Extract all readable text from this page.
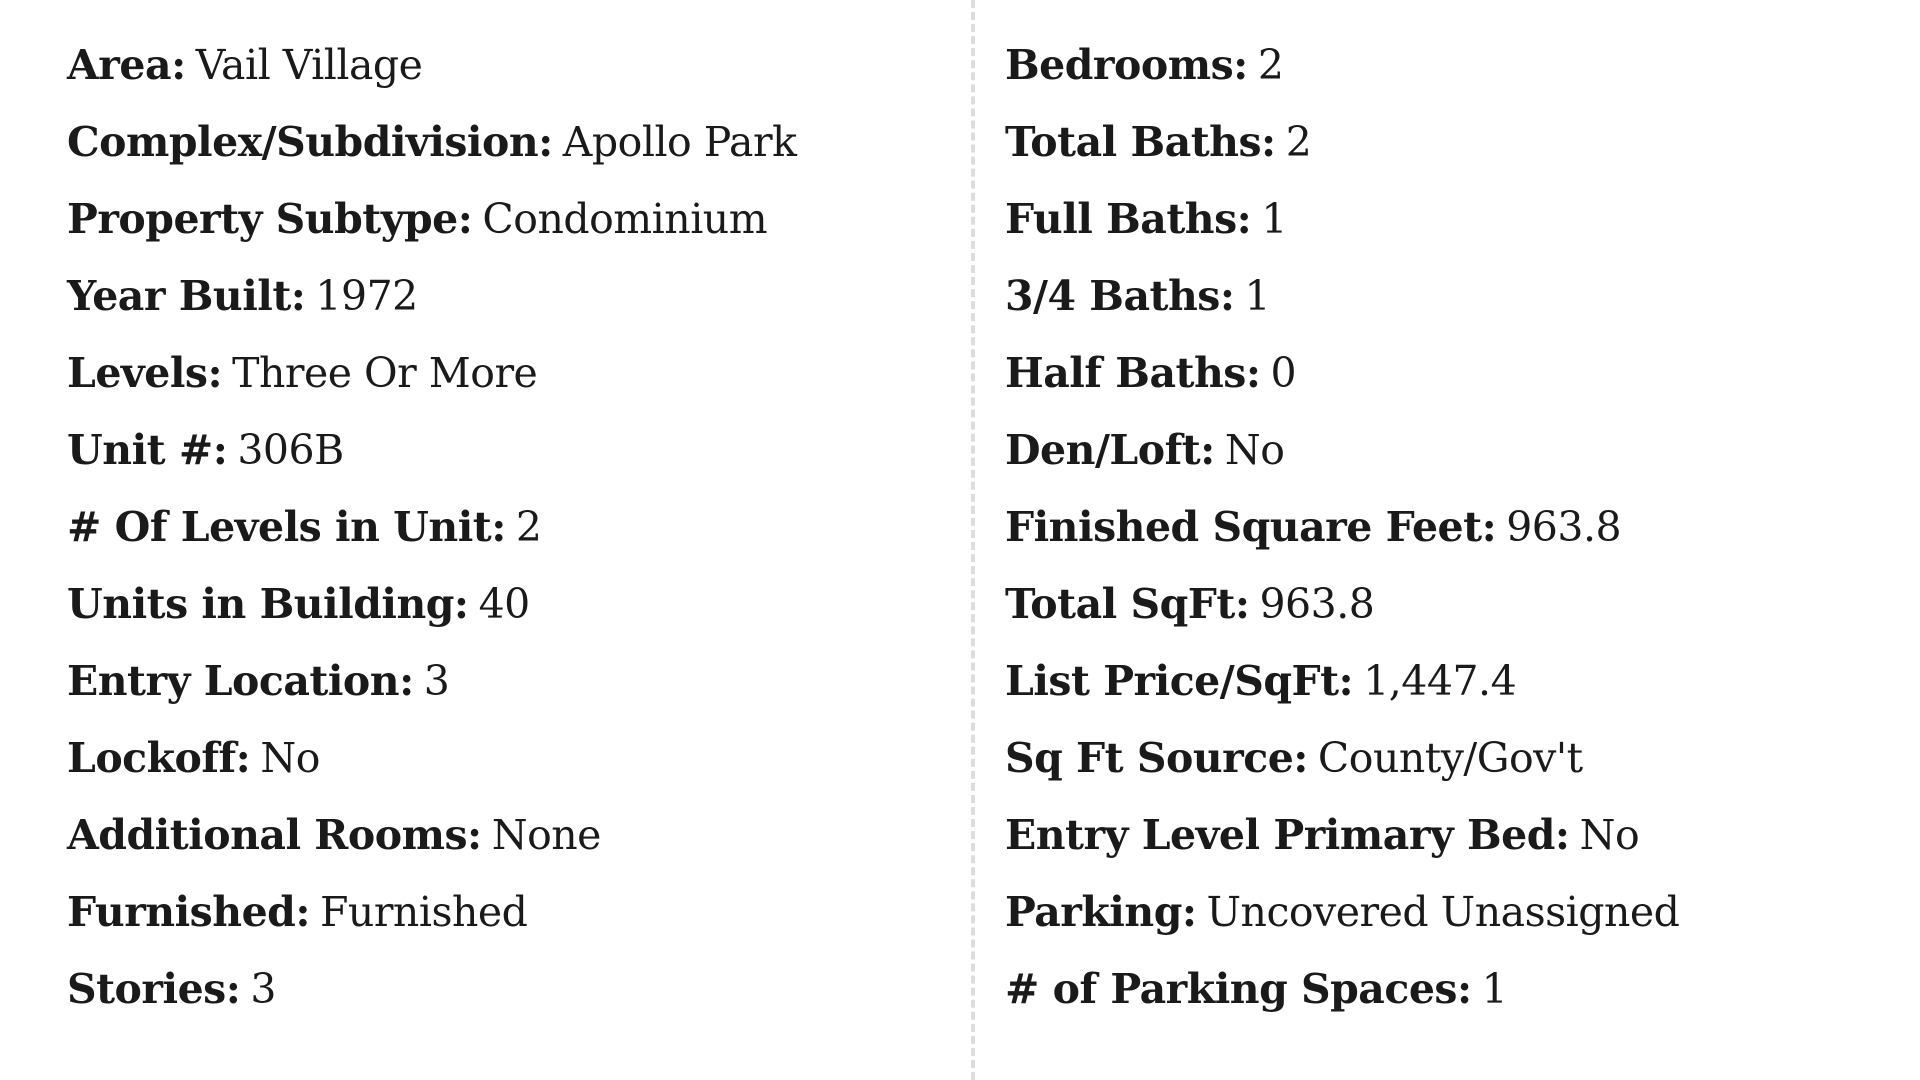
Area: Vail Village
Complex/Subdivision: Apollo Park
Property Subtype: Condominium
Year Built: 1972
Levels: Three Or More
Unit #: 306B
# Of Levels in Unit: 2
Units in Building: 40
Entry Location: 3
Lockoff: No
Additional Rooms: None
Furnished: Furnished
Stories: 3
Bedrooms: 2
Total Baths: 2
Full Baths: 1
3/4 Baths: 1
Half Baths: 0
Den/Loft: No
Finished Square Feet: 963.8
Total SqFt: 963.8
List Price/SqFt: 1,447.4
Sq Ft Source: County/Gov't
Entry Level Primary Bed: No
Parking: Uncovered Unassigned
# of Parking Spaces: 1
